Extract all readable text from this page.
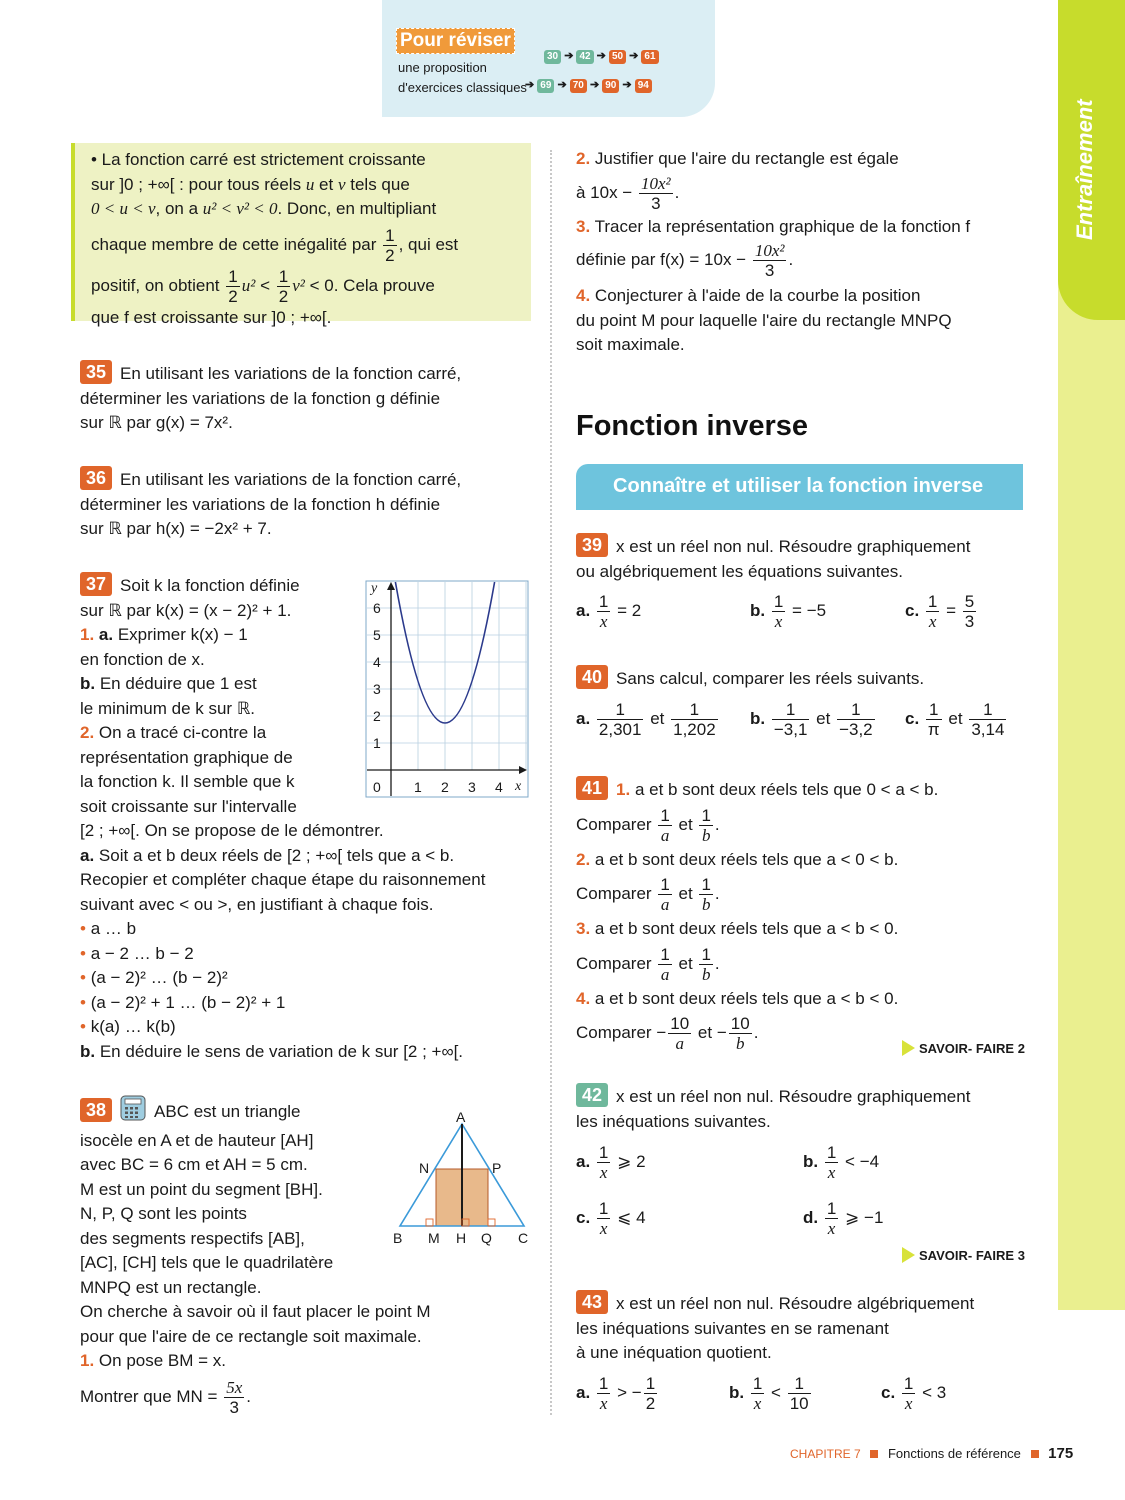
Pour réviser
une proposition
d'exercices classiques
30 ➔ 42 ➔ 50 ➔ 61
➔ 69 ➔ 70 ➔ 90 ➔ 94
Entraînement
• La fonction carré est strictement croissante
sur ]0 ; +∞[ : pour tous réels u et v tels que
0 < u < v, on a u² < v² < 0. Donc, en multipliant
chaque membre de cette inégalité par $\frac{1}{2}$ , qui est
positif, on obtient $\frac{1}{2} u^2 < \frac{1}{2} v^2 < 0$. Cela prouve
que f est croissante sur ]0 ; +∞[.
35 En utilisant les variations de la fonction carré,
déterminer les variations de la fonction g définie
sur ℝ par g(x) = 7x².
36 En utilisant les variations de la fonction carré,
déterminer les variations de la fonction h définie
sur ℝ par h(x) = −2x² + 7.
37 Soit k la fonction définie
sur ℝ par k(x) = (x − 2)² + 1.
1. a. Exprimer k(x) − 1
en fonction de x.
b. En déduire que 1 est
le minimum de k sur ℝ.
2. On a tracé ci-contre la
représentation graphique de
la fonction k. Il semble que k
soit croissante sur l'intervalle
[2 ; +∞[. On se propose de le démontrer.
a. Soit a et b deux réels de [2 ; +∞[ tels que a < b.
Recopier et compléter chaque étape du raisonnement
suivant avec < ou >, en justifiant à chaque fois.
• a … b
• a − 2 … b − 2
• (a − 2)² … (b − 2)²
• (a − 2)² + 1 … (b − 2)² + 1
• k(a) … k(b)
b. En déduire le sens de variation de k sur [2 ; +∞[.
y
x
0
1
2
3
4
5
6
1 2 3 4
38	ABC est un triangle
isocèle en A et de hauteur [AH]
avec BC = 6 cm et AH = 5 cm.
M est un point du segment [BH].
N, P, Q sont les points
des segments respectifs [AB],
[AC], [CH] tels que le quadrilatère
MNPQ est un rectangle.
On cherche à savoir où il faut placer le point M
pour que l'aire de ce rectangle soit maximale.
1. On pose BM = x.
Montrer que MN = $\frac{5x}{3}$ .
A
N	P
B M H Q C
2. Justifier que l'aire du rectangle est égale
à $10x - \frac{\text{10x²}}{3}$ .
3. Tracer la représentation graphique de la fonction f
définie par $f(x) = 10x - \frac{\text{10x²}}{3}$ .
4. Conjecturer à l'aide de la courbe la position
du point M pour laquelle l'aire du rectangle MNPQ
soit maximale.
Fonction inverse
Connaître et utiliser la fonction inverse
39 x est un réel non nul. Résoudre graphiquement
ou algébriquement les équations suivantes.
a. $\frac{1}{x} = 2$	b. $\frac{1}{x} = -5$	c. $\frac{1}{x} = \frac{5}{3}$
40 Sans calcul, comparer les réels suivants.
a. $\frac{1}{2,301}$ et $\frac{1}{1,202} b$. $\frac{1}{-3,1}$ et $\frac{1}{-3,2} c$. $\frac{1}{\pi}$ et $\frac{1}{3,14}$
41 1. a et b sont deux réels tels que 0 < a < b.
Comparer $\frac{1}{a}$ et $\frac{1}{b}$ .
2. a et b sont deux réels tels que a < 0 < b.
Comparer $\frac{1}{a}$ et $\frac{1}{b}$ .
3. a et b sont deux réels tels que a < b < 0.
Comparer $\frac{1}{a}$ et $\frac{1}{b}$ .
4. a et b sont deux réels tels que a < b < 0.
Comparer − $\frac{10}{a}$ et − $\frac{10}{b}$ .
SAVOIR- FAIRE 2
42 x est un réel non nul. Résoudre graphiquement
les inéquations suivantes.
a. $\frac{1}{x}$ ⩾ 2	b. $\frac{1}{x} < -4$
c. $\frac{1}{x}$ ⩽ 4	d. $\frac{1}{x}$ ⩾ −1
SAVOIR- FAIRE 3
43 x est un réel non nul. Résoudre algébriquement
les inéquations suivantes en se ramenant
à une inéquation quotient.
a. $\frac{1}{x}$ > − $\frac{1}{2}$	b. $\frac{1}{x} < \frac{1}{10}$	c. $\frac{1}{x} < 3$
CHAPITRE 7 Fonctions de référence 175
